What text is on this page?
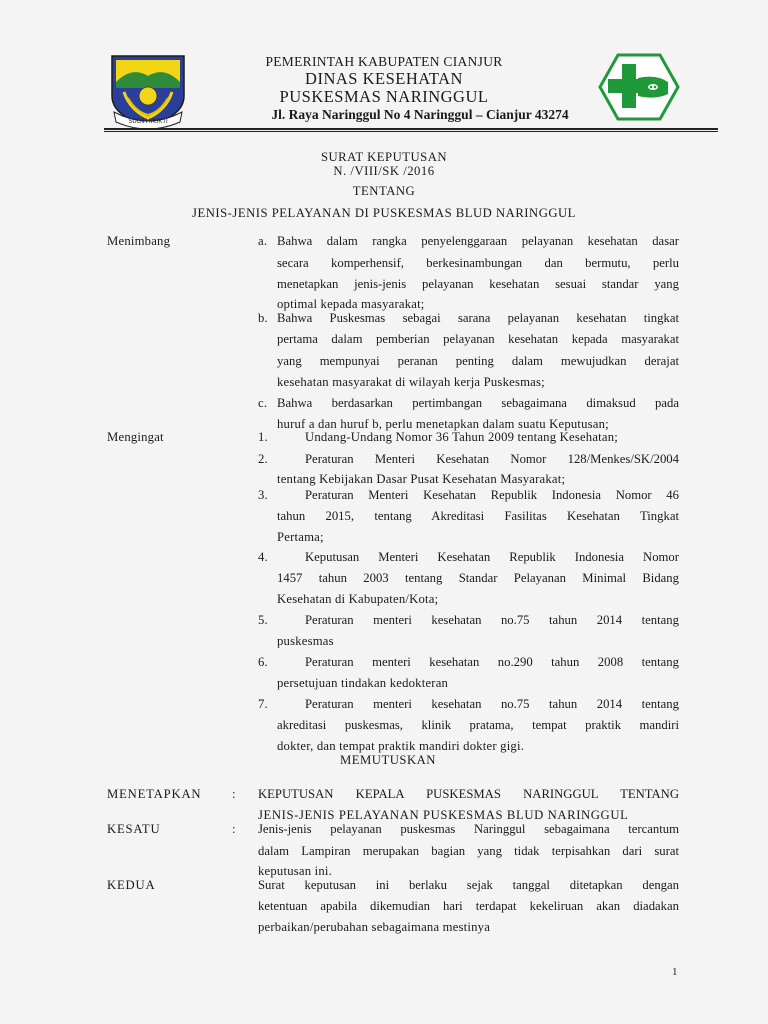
SUGIH MUKTI
PEMERINTAH KABUPATEN CIANJUR
DINAS KESEHATAN
PUSKESMAS NARINGGUL
Jl. Raya Naringgul No 4 Naringgul – Cianjur 43274
SURAT KEPUTUSAN
N. /VIII/SK /2016
TENTANG
JENIS-JENIS PELAYANAN DI PUSKESMAS BLUD NARINGGUL
Menimbang	a. Bahwa dalam rangka penyelenggaraan pelayanan kesehatan dasar
secara komperhensif, berkesinambungan dan bermutu, perlu
menetapkan jenis-jenis pelayanan kesehatan sesuai standar yang
optimal kepada masyarakat;
b. Bahwa Puskesmas sebagai sarana pelayanan kesehatan tingkat
pertama dalam pemberian pelayanan kesehatan kepada masyarakat
yang mempunyai peranan penting dalam mewujudkan derajat
kesehatan masyarakat di wilayah kerja Puskesmas;
c. Bahwa berdasarkan pertimbangan sebagaimana dimaksud pada
huruf a dan huruf b, perlu menetapkan dalam suatu Keputusan;
Mengingat	1.	Undang-Undang Nomor 36 Tahun 2009 tentang Kesehatan;
2.	Peraturan Menteri Kesehatan Nomor 128/Menkes/SK/2004
tentang Kebijakan Dasar Pusat Kesehatan Masyarakat;
3.	Peraturan Menteri Kesehatan Republik Indonesia Nomor 46
tahun 2015, tentang Akreditasi Fasilitas Kesehatan Tingkat
Pertama;
4.	Keputusan Menteri Kesehatan Republik Indonesia Nomor
1457 tahun 2003 tentang Standar Pelayanan Minimal Bidang
Kesehatan di Kabupaten/Kota;
5.	Peraturan menteri kesehatan no.75 tahun 2014 tentang
puskesmas
6.	Peraturan menteri kesehatan no.290 tahun 2008 tentang
persetujuan tindakan kedokteran
7.	Peraturan menteri kesehatan no.75 tahun 2014 tentang
akreditasi puskesmas, klinik pratama, tempat praktik mandiri
dokter, dan tempat praktik mandiri dokter gigi.
MEMUTUSKAN
MENETAPKAN : KEPUTUSAN KEPALA PUSKESMAS NARINGGUL TENTANG
JENIS-JENIS PELAYANAN PUSKESMAS BLUD NARINGGUL
KESATU	: Jenis-jenis pelayanan puskesmas Naringgul sebagaimana tercantum
dalam Lampiran merupakan bagian yang tidak terpisahkan dari surat
keputusan ini.
KEDUA	Surat keputusan ini berlaku sejak tanggal ditetapkan dengan
ketentuan apabila dikemudian hari terdapat kekeliruan akan diadakan
perbaikan/perubahan sebagaimana mestinya
1
